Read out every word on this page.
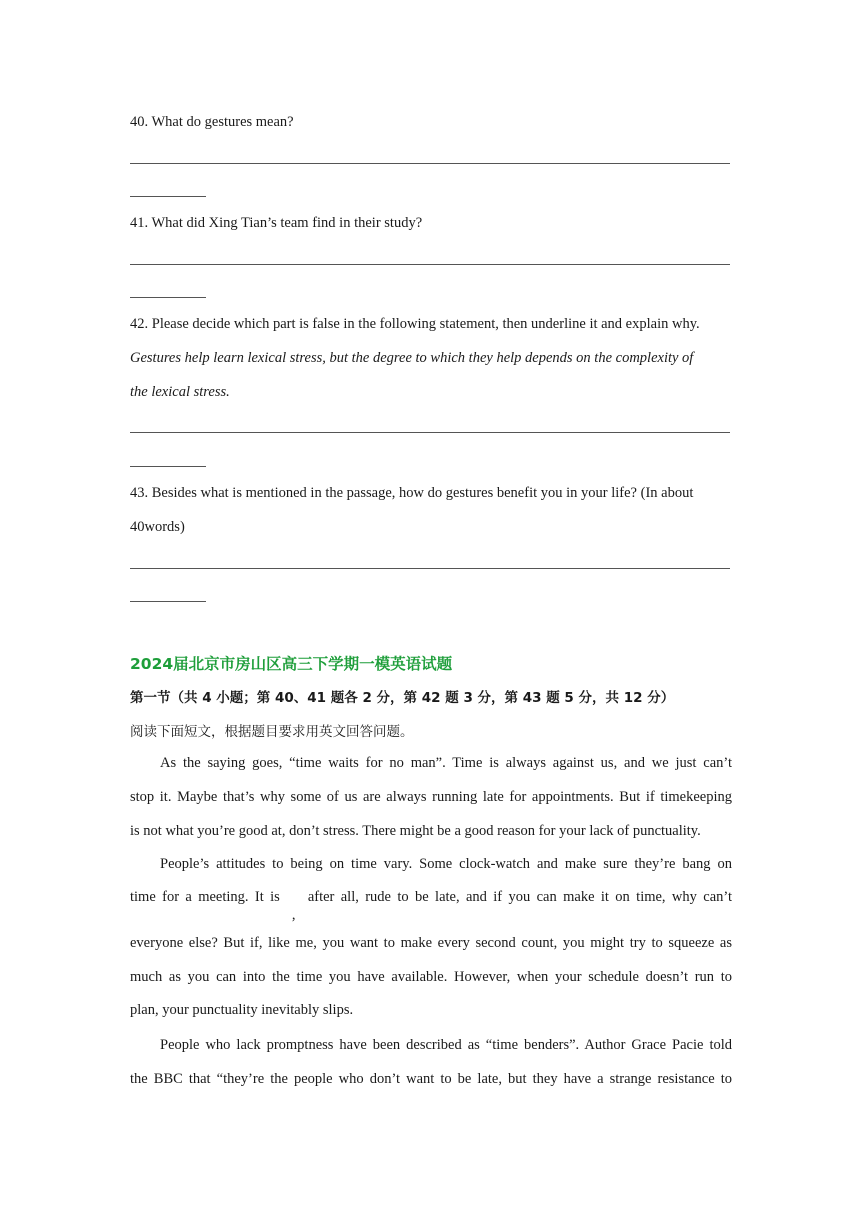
40. What do gestures mean?
41. What did Xing Tian’s team find in their study?
42. Please decide which part is false in the following statement, then underline it and explain why.
Gestures help learn lexical stress, but the degree to which they help depends on the complexity of
the lexical stress.
43. Besides what is mentioned in the passage, how do gestures benefit you in your life? (In about
40words)
2024届北京市房山区高三下学期一模英语试题
第一节（共 4 小题；第 40、41 题各 2 分，第 42 题 3 分，第 43 题 5 分，共 12 分）
阅读下面短文，根据题目要求用英文回答问题。
As the saying goes, “time waits for no man”. Time is always against us, and we just can’t
stop it. Maybe that’s why some of us are always running late for appointments. But if timekeeping
is not what you’re good at, don’t stress. There might be a good reason for your lack of punctuality.
People’s attitudes to being on time vary. Some clock-watch and make sure they’re bang on
time for a meeting. It is
,
after all, rude to be late, and if you can make it on time, why can’t
everyone else? But if, like me, you want to make every second count, you might try to squeeze as
much as you can into the time you have available. However, when your schedule doesn’t run to
plan, your punctuality inevitably slips.
People who lack promptness have been described as “time benders”. Author Grace Pacie told
the BBC that “they’re the people who don’t want to be late, but they have a strange resistance to
